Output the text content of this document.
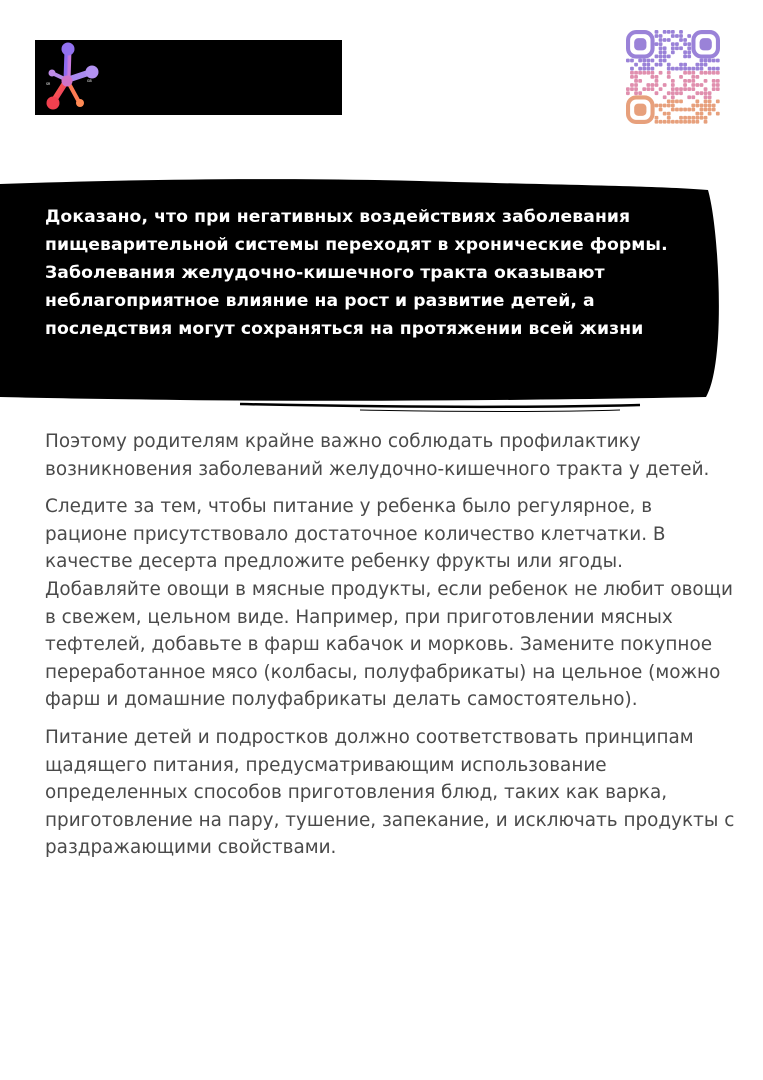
SR
GB

Доказано, что при негативных воздействиях заболевания пищеварительной системы переходят в хронические формы. Заболевания желудочно-кишечного тракта оказывают неблагоприятное влияние на рост и развитие детей, а последствия могут сохраняться на протяжении всей жизни

Поэтому родителям крайне важно соблюдать профилактику возникновения заболеваний желудочно-кишечного тракта у детей.

Следите за тем, чтобы питание у ребенка было регулярное, в рационе присутствовало достаточное количество клетчатки. В качестве десерта предложите ребенку фрукты или ягоды. Добавляйте овощи в мясные продукты, если ребенок не любит овощи в свежем, цельном виде. Например, при приготовлении мясных тефтелей, добавьте в фарш кабачок и морковь. Замените покупное переработанное мясо (колбасы, полуфабрикаты) на цельное (можно фарш и домашние полуфабрикаты делать самостоятельно).

Питание детей и подростков должно соответствовать принципам щадящего питания, предусматривающим использование определенных способов приготовления блюд, таких как варка, приготовление на пару, тушение, запекание, и исключать продукты с раздражающими свойствами.
